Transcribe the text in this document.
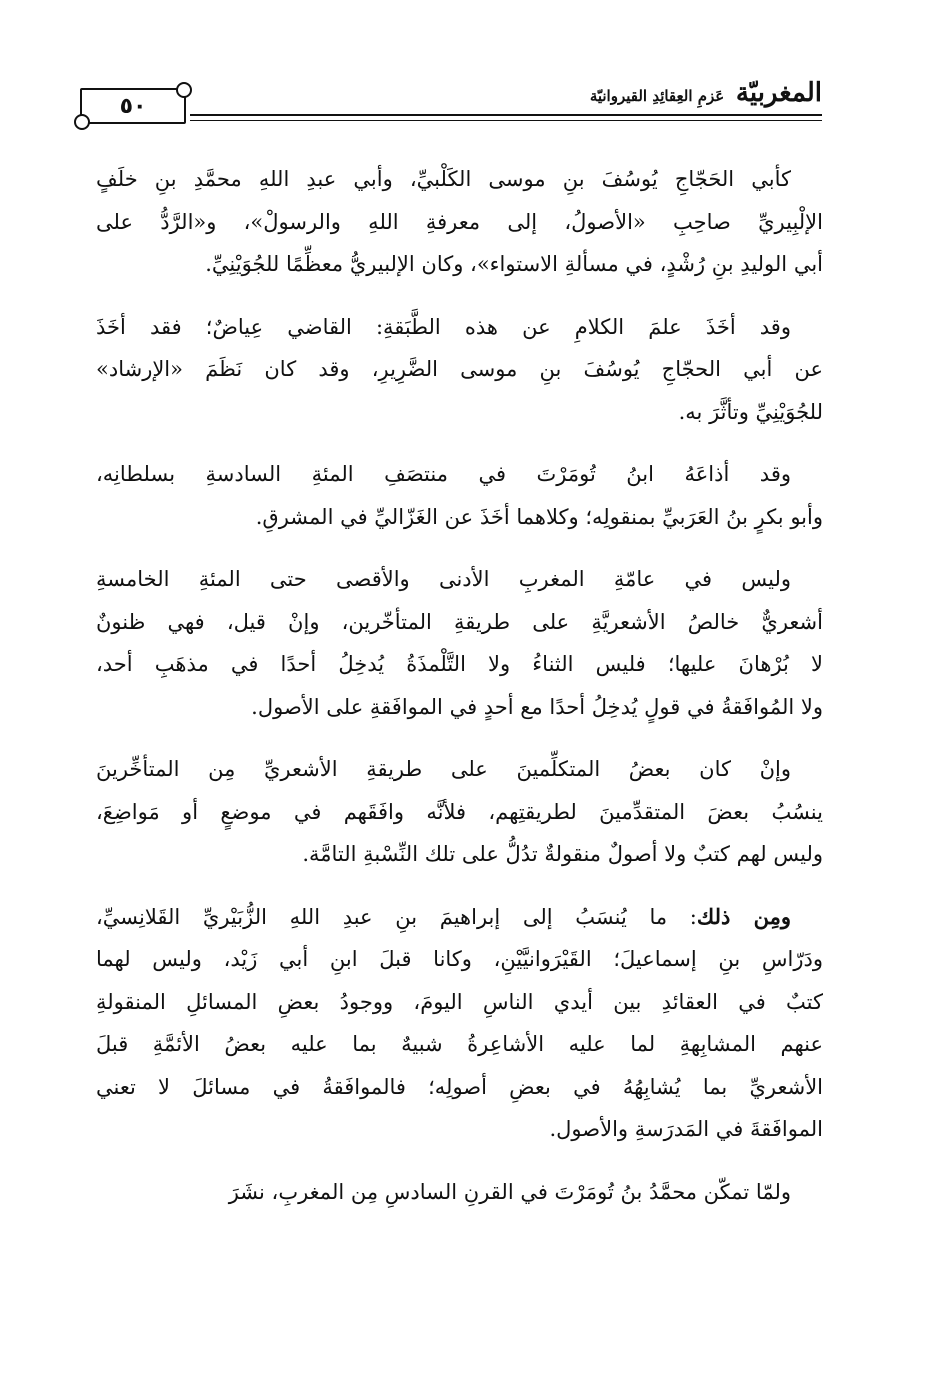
المغربيّة عَزمِ العِقائِدِ القيروانيّة
٥٠

كأبي الحَجّاجِ يُوسُفَ بنِ موسى الكَلْبيِّ، وأبي عبدِ اللهِ محمَّدِ بنِ خلَفٍ
الإلْبِيريِّ صاحِبِ «الأصولُ، إلى معرفةِ اللهِ والرسولْ»، و«الرَّدُّ على
أبي الوليدِ بنِ رُشْدٍ، في مسألةِ الاستواء»، وكان الإلبيريُّ معظِّمًا للجُوَيْنِيِّ.

وقد أخَذَ علمَ الكلامِ عن هذه الطَّبَقةِ: القاضي عِياضٌ؛ فقد أخَذَ
عن أبي الحجّاجِ يُوسُفَ بنِ موسى الضَّرِيرِ، وقد كان نَظَمَ «الإرشاد»
للجُوَيْنِيِّ وتأثَّرَ به.

وقد أذاعَهُ ابنُ تُومَرْتَ في منتصَفِ المئةِ السادسةِ بسلطانِه،
وأبو بكرٍ بنُ العَرَبيِّ بمنقولِه؛ وكلاهما أخَذَ عن الغَزّاليِّ في المشرقِ.

وليس في عامّةِ المغربِ الأدنى والأقصى حتى المئةِ الخامسةِ
أشعريٌّ خالصُ الأشعريَّةِ على طريقةِ المتأخّرين، وإنْ قيل، فهي ظنونٌ
لا بُرْهانَ عليها؛ فليس الثناءُ ولا التَّلْمذَةُ يُدخِلُ أحدًا في مذهَبِ أحد،
ولا المُوافَقةُ في قولٍ يُدخِلُ أحدًا مع أحدٍ في الموافَقةِ على الأصول.

وإنْ كان بعضُ المتكلِّمينَ على طريقةِ الأشعريِّ مِن المتأخِّرينَ
ينسُبُ بعضَ المتقدِّمينَ لطريقتِهم، فلأنَّه وافَقَهم في موضعٍ أو مَواضِعَ،
وليس لهم كتبٌ ولا أصولٌ منقولةٌ تدُلُّ على تلك النِّسْبةِ التامَّة.

ومِن ذلك: ما يُنسَبُ إلى إبراهيمَ بنِ عبدِ اللهِ الزُّبَيْريِّ القَلانِسيِّ،
ودَرّاسِ بنِ إسماعيلَ؛ القَيْرَوانيَّيْنِ، وكانا قبلَ ابنِ أبي زَيْد، وليس لهما
كتبٌ في العقائدِ بين أيدي الناسِ اليومَ، ووجودُ بعضِ المسائلِ المنقولةِ
عنهم المشابِهةِ لما عليه الأشاعِرةُ شبيهٌ بما عليه بعضُ الأئمَّةِ قبلَ
الأشعريِّ بما يُشابِهُهُ في بعضِ أصولِه؛ فالموافَقةُ في مسائلَ لا تعني
الموافَقةَ في المَدرَسةِ والأصول.

ولمّا تمكّن محمَّدُ بنُ تُومَرْتَ في القرنِ السادسِ مِن المغربِ، نشَرَ
